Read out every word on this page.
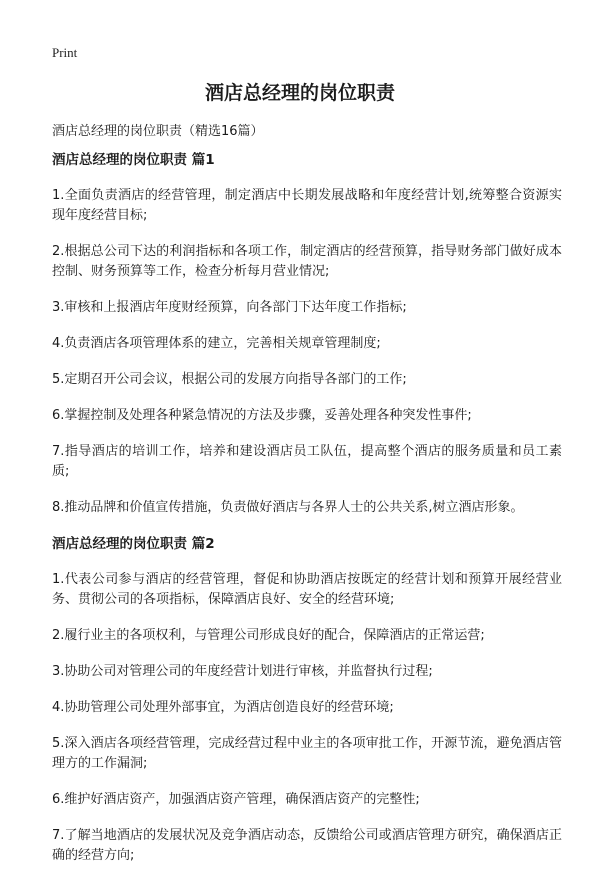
Print
酒店总经理的岗位职责

酒店总经理的岗位职责（精选16篇）

酒店总经理的岗位职责 篇1

1.全面负责酒店的经营管理，制定酒店中长期发展战略和年度经营计划,统筹整合资源实现年度经营目标;

2.根据总公司下达的利润指标和各项工作，制定酒店的经营预算，指导财务部门做好成本控制、财务预算等工作，检查分析每月营业情况;

3.审核和上报酒店年度财经预算，向各部门下达年度工作指标;

4.负责酒店各项管理体系的建立，完善相关规章管理制度;

5.定期召开公司会议，根据公司的发展方向指导各部门的工作;

6.掌握控制及处理各种紧急情况的方法及步骤，妥善处理各种突发性事件;

7.指导酒店的培训工作，培养和建设酒店员工队伍，提高整个酒店的服务质量和员工素质;

8.推动品牌和价值宣传措施，负责做好酒店与各界人士的公共关系,树立酒店形象。

酒店总经理的岗位职责 篇2

1.代表公司参与酒店的经营管理，督促和协助酒店按既定的经营计划和预算开展经营业务、贯彻公司的各项指标，保障酒店良好、安全的经营环境;

2.履行业主的各项权利，与管理公司形成良好的配合，保障酒店的正常运营;

3.协助公司对管理公司的年度经营计划进行审核，并监督执行过程;

4.协助管理公司处理外部事宜，为酒店创造良好的经营环境;

5.深入酒店各项经营管理，完成经营过程中业主的各项审批工作，开源节流，避免酒店管理方的工作漏洞;

6.维护好酒店资产，加强酒店资产管理，确保酒店资产的完整性;

7.了解当地酒店的发展状况及竞争酒店动态，反馈给公司或酒店管理方研究，确保酒店正确的经营方向;
